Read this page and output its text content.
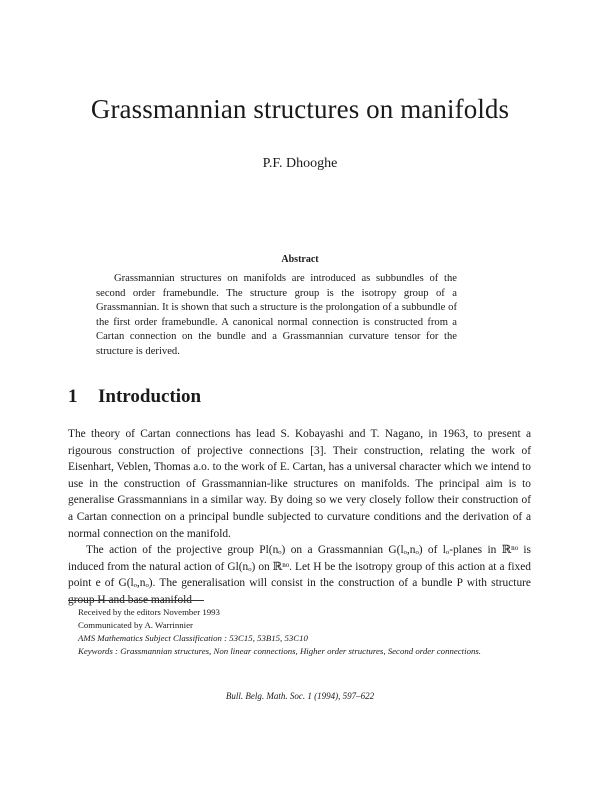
Grassmannian structures on manifolds
P.F. Dhooghe
Abstract

Grassmannian structures on manifolds are introduced as subbundles of the second order framebundle. The structure group is the isotropy group of a Grassmannian. It is shown that such a structure is the prolongation of a subbundle of the first order framebundle. A canonical normal connection is constructed from a Cartan connection on the bundle and a Grassmannian curvature tensor for the structure is derived.

1 Introduction

The theory of Cartan connections has lead S. Kobayashi and T. Nagano, in 1963, to present a rigourous construction of projective connections [3]. Their construction, relating the work of Eisenhart, Veblen, Thomas a.o. to the work of E. Cartan, has a universal character which we intend to use in the construction of Grassmannian-like structures on manifolds. The principal aim is to generalise Grassmannians in a similar way. By doing so we very closely follow their construction of a Cartan connection on a principal bundle subjected to curvature conditions and the derivation of a normal connection on the manifold.

The action of the projective group Pl(nₒ) on a Grassmannian G(lₒ,nₒ) of lₒ-planes in ℝⁿᵒ is induced from the natural action of Gl(nₒ) on ℝⁿᵒ. Let H be the isotropy group of this action at a fixed point e of G(lₒ,nₒ). The generalisation will consist in the construction of a bundle P with structure group H and base manifold

Received by the editors November 1993
Communicated by A. Warrinnier
AMS Mathematics Subject Classification : 53C15, 53B15, 53C10
Keywords : Grassmannian structures, Non linear connections, Higher order structures, Second order connections.
Bull. Belg. Math. Soc. 1 (1994), 597–622
